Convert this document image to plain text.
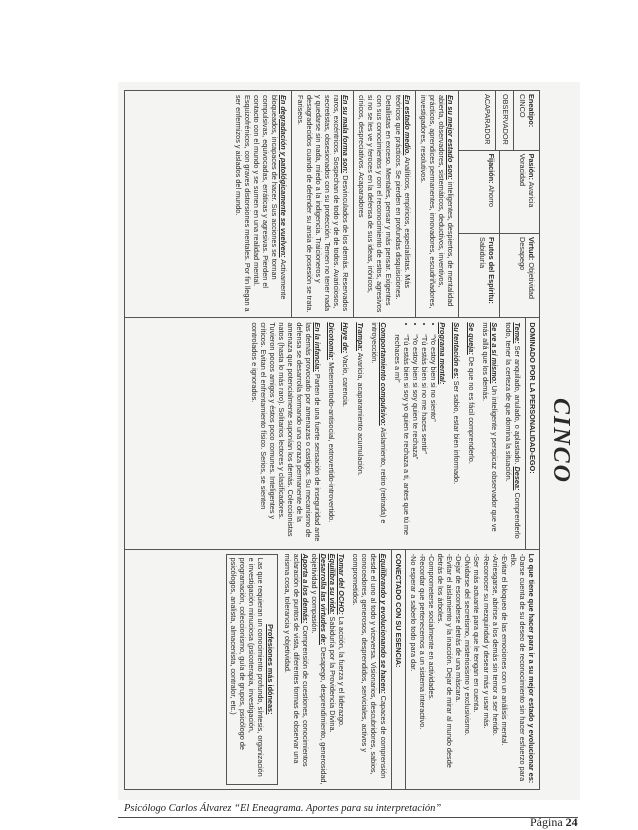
CINCO
Eneatipo:
CINCO
OBSERVADOR
ACAPARADOR
Pasión: Avaricia Voracidad
Fijación: Ahorro
Virtud: Objetividad Desapego
Frutos del Espíritu: Sabiduría
En su mejor estado son: inteligentes, despiertos, de mentalidad abierta, observadores, sistemáticos, deductivos, inventivos, prácticos, aprendices permanentes, innovadores, escudriñadores, investigadores, resolutivos.
En estado medio. Analíticos, empíricos, especialistas. Más teóricos que prácticos. Se pierden en profundas disquisiciones. Detallistas en exceso. Mentales, pensar y más pensar. Exigentes con sus conocimientos y con el reconocimiento de estos, agresivos si no se les ve y feroces en la defensa de sus ideas, irónicos, cínicos, despreciativos. Acaparadores
En su mala forma son: Desvinculados de los demás. Reservados raros, excéntricos. Sospechan de todo y de de todos. Avariciosos, secretistas, obsesionados con su protección. Temen no tener nada y quedarse sin nada, miedo a la indigencia. Traicioneros y desagradecidos cuando de defender su ansia de posesión se trata. Fariseos.
En degradación y patológicamente se vuelven: Activamente bloqueados, incapaces de hacer. Sus acciones se tornan compulsivas, equivocadas, erráticas y agresivas. Pierden el contacto con el mundo y se sumen en una realidad mental. Esquizofrénicos, con graves distorsiones mentales. Por fin llegan a ser enfermizos y aislados del mundo.
DOMINADO POR LA PERSONALIDAD-EGO:
Teme: Ser anquilado, anulado, o aplastado. Desea: Comprenderlo todo, tener la certeza de que domina la situación.
Se ve a sí mismo: Un inteligente y perspicaz observador que ve más allá que los demás.
Se queja: De que no es fácil comprenderlo.
Su tentación es: Ser sabio, estar bien informado.
Programa mental:
• “Yo estoy bien si no siento”
• “Tú estás bien si no me haces sentir”
• “Yo estoy bien si soy quien te rechaza”
• “Tú estás bien si soy yo quien te rechaza a ti, antes que tú me rechaces a mí”
Comportamiento compulsivo: Aislamiento, retiro (retirada) e introyección.
Trampa: Avaricia, acaparamiento acumulación.
Huye de: Vacío, carencia.
Dicotomía: Metementodo-antisocial, extrovertido-introvertido.
En la infancia: Parten de una fuerte sensación de inseguridad ante las demás provocado por amenazas o castigos. Su mecanismo de defensa se desarrolla formando una coraza permanente de la amenaza que potencialmente suponían los demás. Coleccionistas natos (hasta lo más raro). Solitarios lectores y clasificadores. Tuvieron pocos amigos y éstos poco comunes. Inteligentes y críticos. Evitan el enfrentamiento físico. Serios, se sienten controlados e ignorados.
Lo que tiene que hacer para ir a su mejor estado y evolucionar es:
-Darse cuenta de su deseo de reconocimiento sin hacer esfuerzo para ello.
-Evitar el bloqueo de las emociones con un análisis mental.
-Arriesgarse, abrirse a los demás sin temor a ser herido.
-Reconocer su mezquindad y desear más y usar más.
-Ser más actuante para que le tengan en cuenta.
-Olvidarse del secretismo, misteriosismo y exclusivismo.
-Dejar de esconderse detrás de una máscara.
-Evitar el aislamiento y la inacción. Dejar de mirar al mundo desde detrás de los árboles.
-Comprometerse socialmente en actividades.
-Recordar que pertenecemos a un sistema interactivo.
-No esperar a saberlo todo para dar.
CONECTADO CON SU ESENCIA:
Equilibrando y evolucionando se hacen: Capaces de comprensión desde el uno al todo y viceversa. Visionarios, descubridores, sabios, conocedores, generosos, desprendidos, serviciales, activos y comprometidos.
Tomar del OCHO: La acción, la fuerza y el liderazgo.
Equilibra su vida: Sabiduría por la Providencia Divina.
Desarrolla las virtudes de: Desapego, desprendimiento, generosidad, objetividad y compasión.
Aporta a los demás: Comprensión de cuestiones, conocimientos aclaración de puntos de vista, diferentes formas de observar una misma cosa, tolerancia y objetividad.
Profesiones más idóneas:
Las que requieran un conocimiento profundo, síntesis, organización e investigación minuciosa (psicoterapia, investigación, programación, coleccionismo, guía de grupos, psicólogo de psicólogos, analista, almacenista, contralor, etc.)
Psicólogo Carlos Álvarez “El Eneagrama. Aportes para su interpretación”
Página 24
